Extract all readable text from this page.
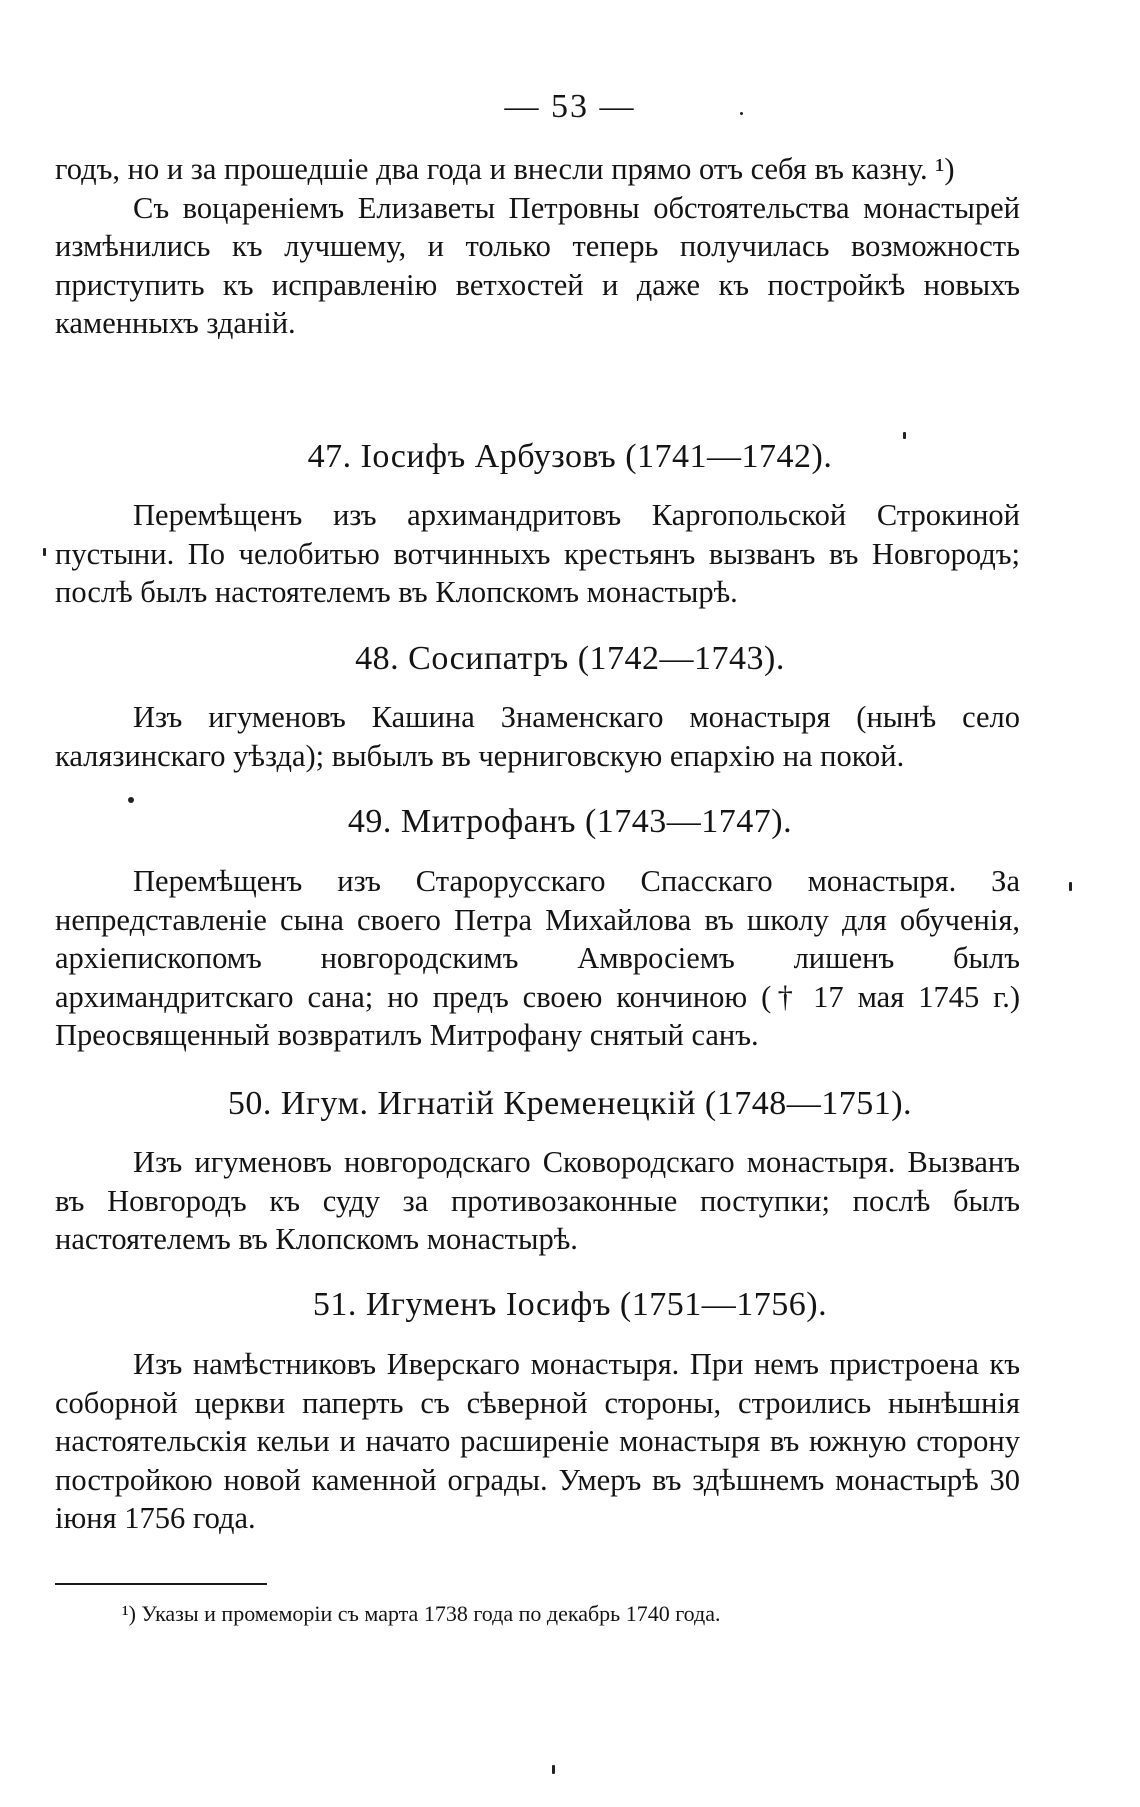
— 53 —

годъ, но и за прошедшіе два года и внесли прямо отъ себя въ казну. ¹)

Съ воцареніемъ Елизаветы Петровны обстоятельства монастырей измѣнились къ лучшему, и только теперь получилась возможность приступить къ исправленію ветхостей и даже къ постройкѣ новыхъ каменныхъ зданій.

47. Іосифъ Арбузовъ (1741—1742).

Перемѣщенъ изъ архимандритовъ Каргопольской Строкиной пустыни. По челобитью вотчинныхъ крестьянъ вызванъ въ Новгородъ; послѣ былъ настоятелемъ въ Клопскомъ монастырѣ.

48. Сосипатръ (1742—1743).

Изъ игуменовъ Кашина Знаменскаго монастыря (нынѣ село калязинскаго уѣзда); выбылъ въ черниговскую епархію на покой.

49. Митрофанъ (1743—1747).

Перемѣщенъ изъ Старорусскаго Спасскаго монастыря. За непредставленіе сына своего Петра Михайлова въ школу для обученія, архіепископомъ новгородскимъ Амвросіемъ лишенъ былъ архимандритскаго сана; но предъ своею кончиною († 17 мая 1745 г.) Преосвященный возвратилъ Митрофану снятый санъ.

50. Игум. Игнатій Кременецкій (1748—1751).

Изъ игуменовъ новгородскаго Сковородскаго монастыря. Вызванъ въ Новгородъ къ суду за противозаконные поступки; послѣ былъ настоятелемъ въ Клопскомъ монастырѣ.

51. Игуменъ Іосифъ (1751—1756).

Изъ намѣстниковъ Иверскаго монастыря. При немъ пристроена къ соборной церкви паперть съ сѣверной стороны, строились нынѣшнія настоятельскія кельи и начато расширеніе монастыря въ южную сторону постройкою новой каменной ограды. Умеръ въ здѣшнемъ монастырѣ 30 іюня 1756 года.

¹) Указы и промеморіи съ марта 1738 года по декабрь 1740 года.
